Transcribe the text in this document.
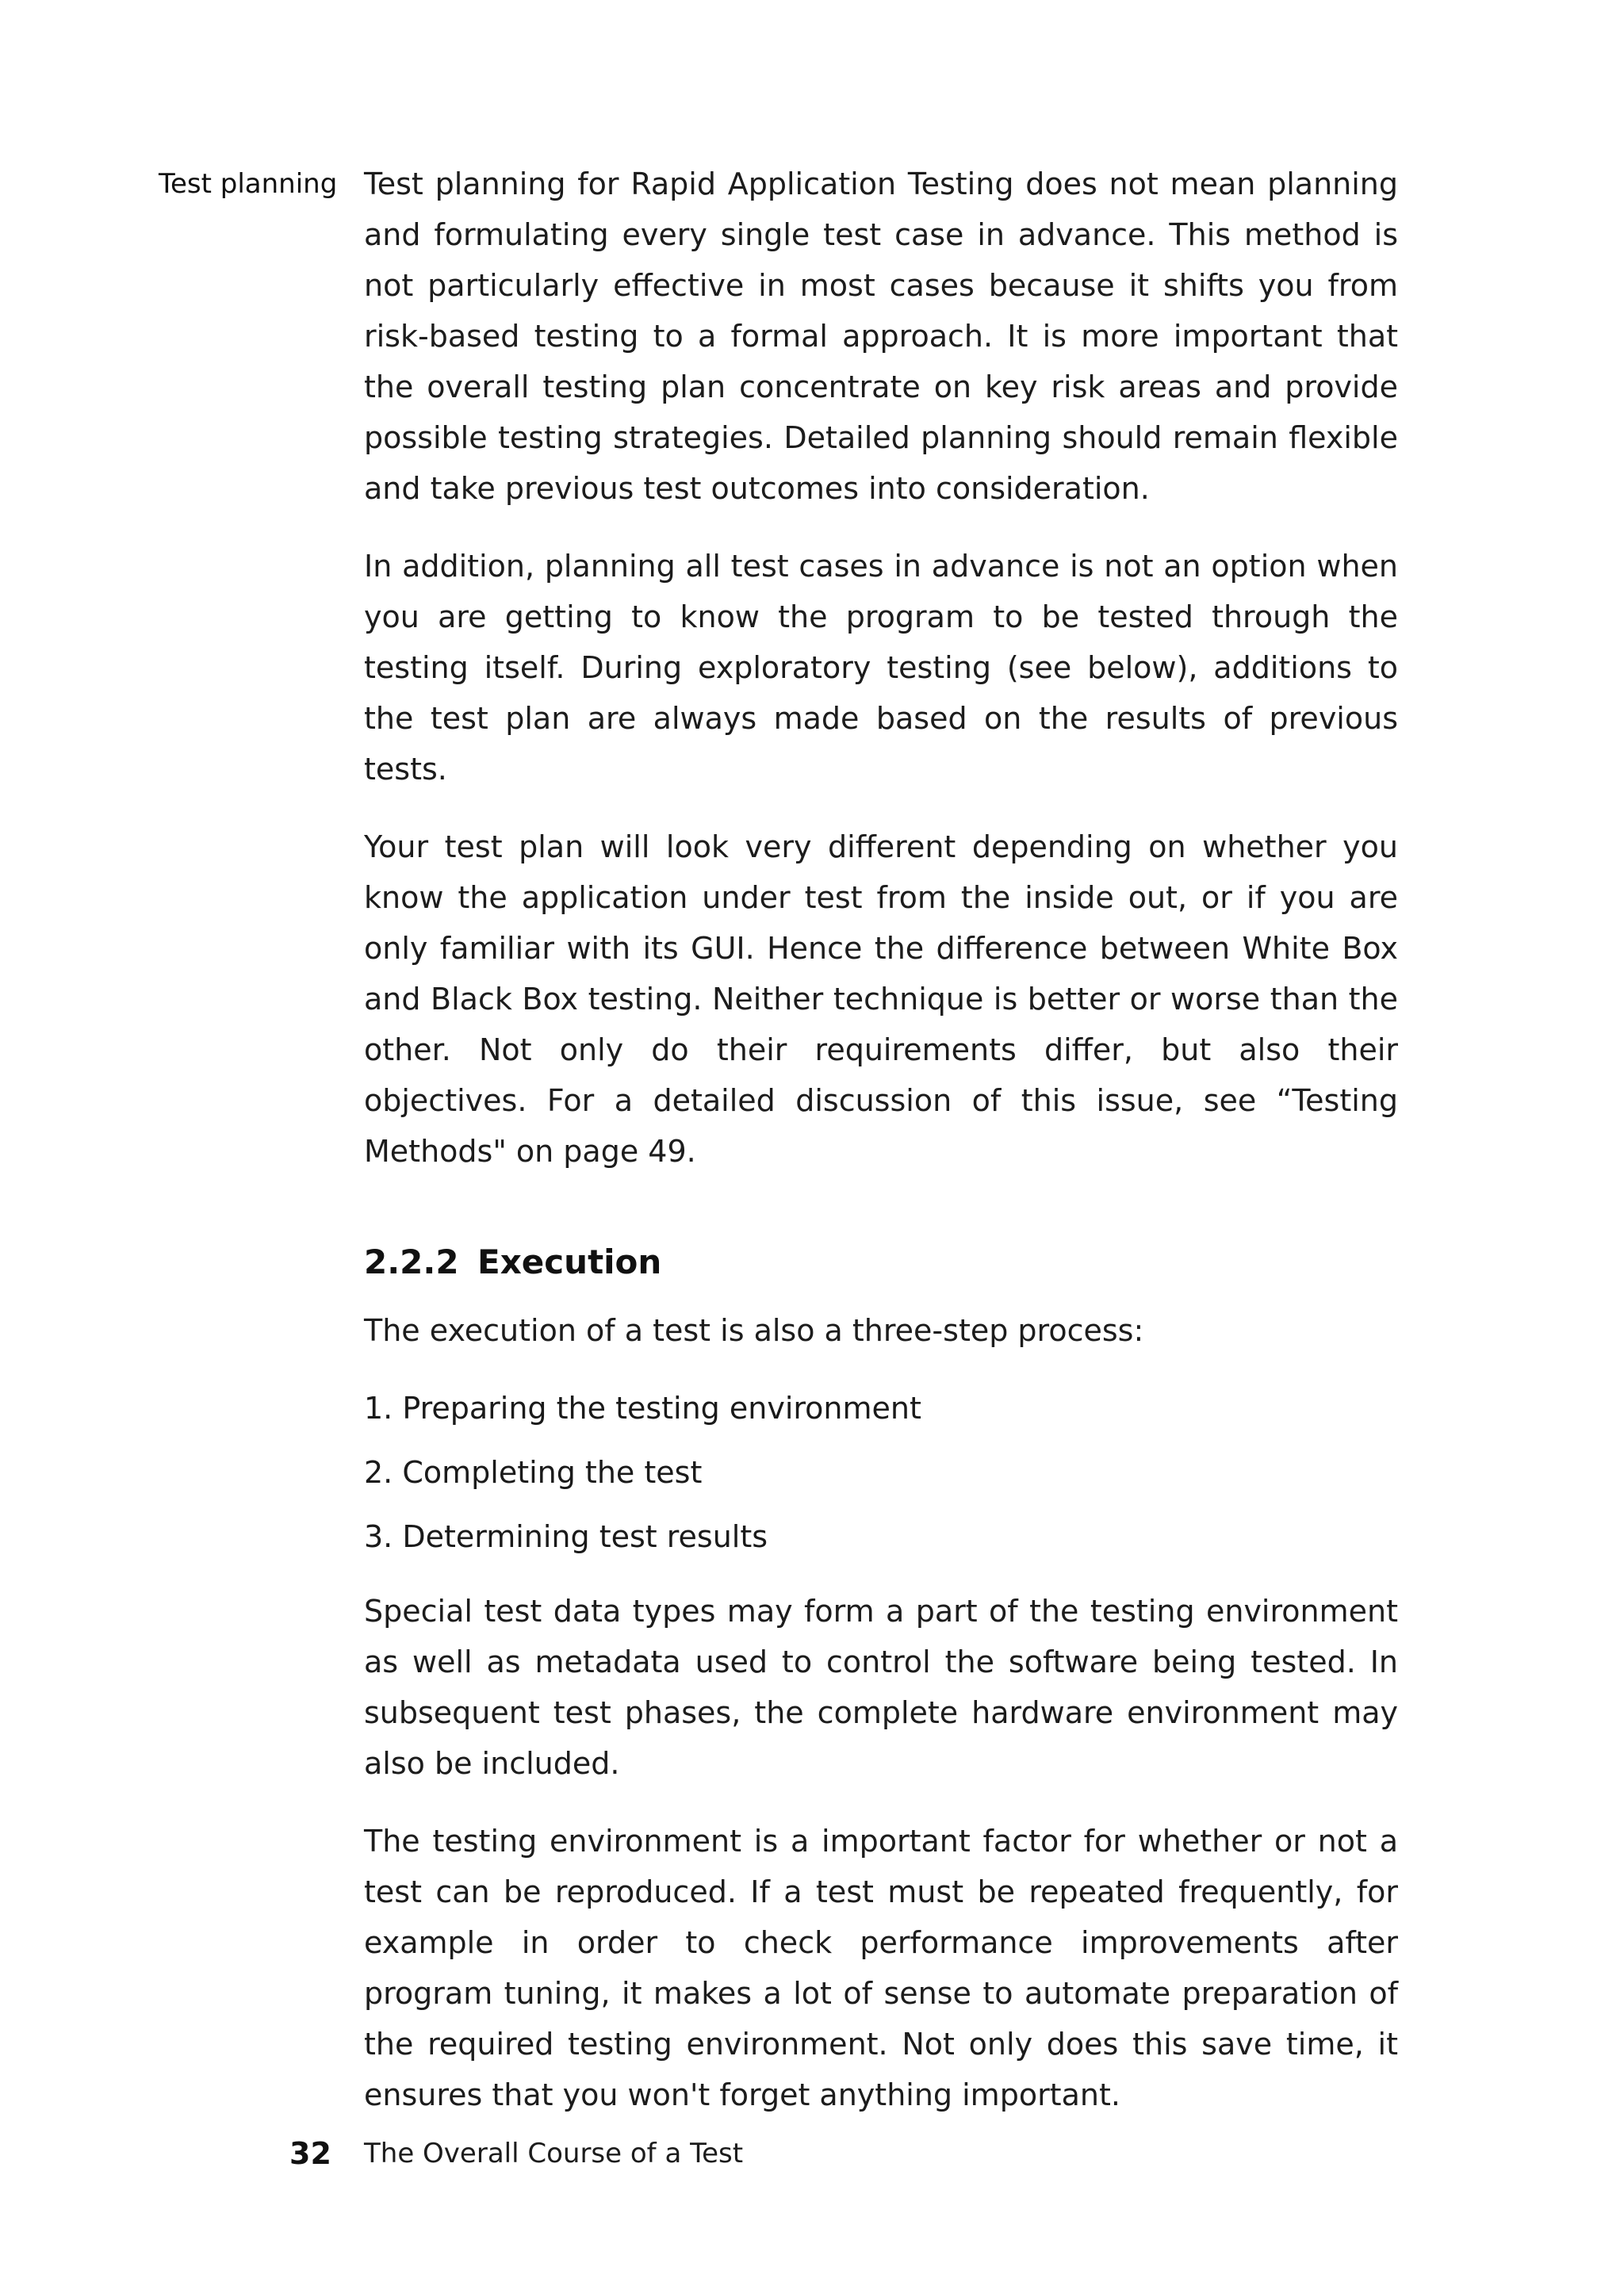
Test planning Test planning for Rapid Application Testing does not mean planning and formulating every single test case in advance. This method is not particularly effective in most cases because it shifts you from risk-based testing to a formal approach. It is more important that the overall testing plan concentrate on key risk areas and provide possible testing strategies. Detailed planning should remain flexible and take previous test outcomes into consideration.

In addition, planning all test cases in advance is not an option when you are getting to know the program to be tested through the testing itself. During exploratory testing (see below), additions to the test plan are always made based on the results of previous tests.

Your test plan will look very different depending on whether you know the application under test from the inside out, or if you are only familiar with its GUI. Hence the difference between White Box and Black Box testing. Neither technique is better or worse than the other. Not only do their requirements differ, but also their objectives. For a detailed discussion of this issue, see “Testing Methods" on page 49.

2.2.2 Execution

The execution of a test is also a three-step process:

1. Preparing the testing environment
2. Completing the test
3. Determining test results

Special test data types may form a part of the testing environment as well as metadata used to control the software being tested. In subsequent test phases, the complete hardware environment may also be included.

The testing environment is a important factor for whether or not a test can be reproduced. If a test must be repeated frequently, for example in order to check performance improvements after program tuning, it makes a lot of sense to automate preparation of the required testing environment. Not only does this save time, it ensures that you won't forget anything important.

32 The Overall Course of a Test
